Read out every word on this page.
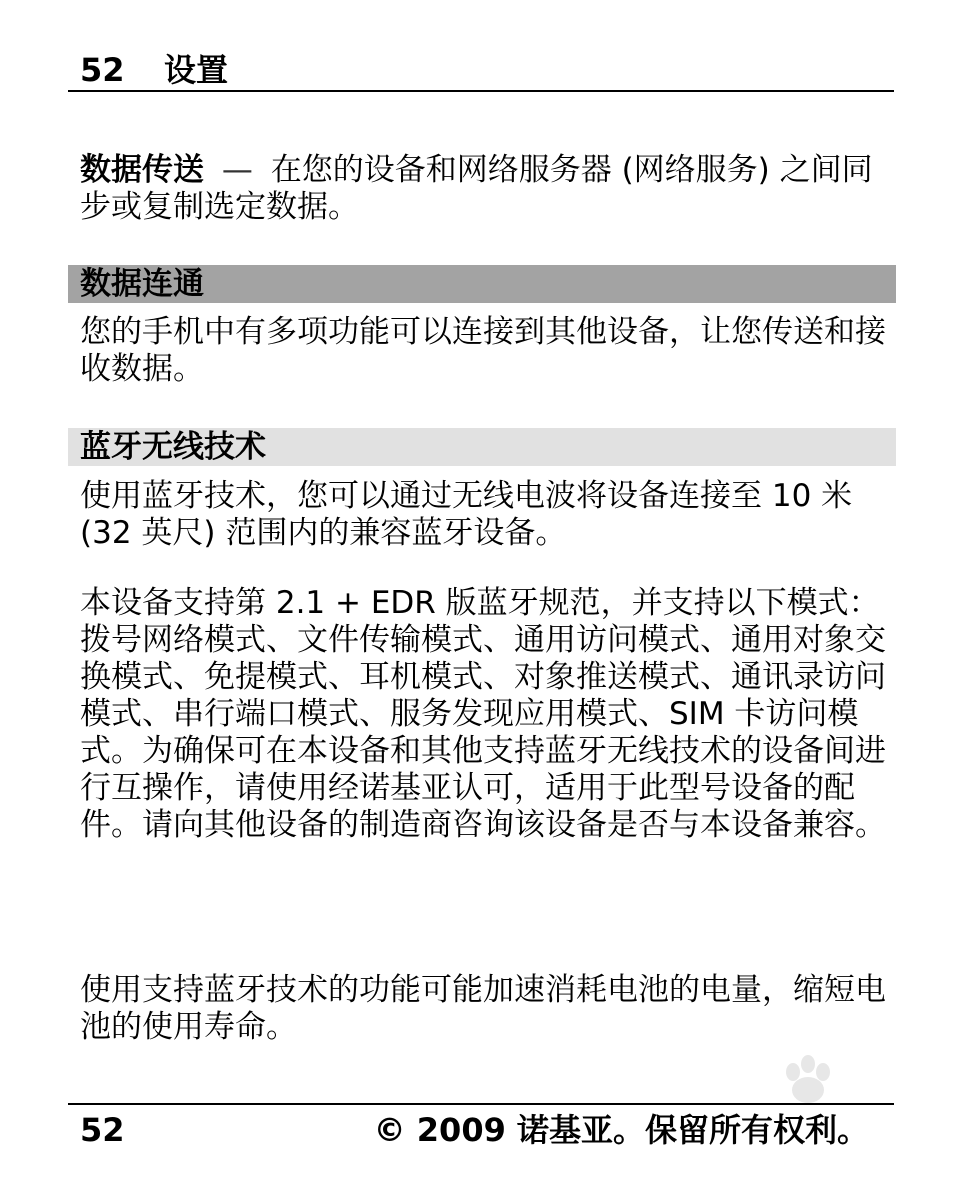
52 设置
数据传送 — 在您的设备和网络服务器 (网络服务) 之间同步或复制选定数据。
数据连通
您的手机中有多项功能可以连接到其他设备，让您传送和接收数据。
蓝牙无线技术
使用蓝牙技术，您可以通过无线电波将设备连接至 10 米 (32 英尺) 范围内的兼容蓝牙设备。
本设备支持第 2.1 + EDR 版蓝牙规范，并支持以下模式：拨号网络模式、文件传输模式、通用访问模式、通用对象交换模式、免提模式、耳机模式、对象推送模式、通讯录访问模式、串行端口模式、服务发现应用模式、SIM 卡访问模式。为确保可在本设备和其他支持蓝牙无线技术的设备间进行互操作，请使用经诺基亚认可，适用于此型号设备的配件。请向其他设备的制造商咨询该设备是否与本设备兼容。
使用支持蓝牙技术的功能可能加速消耗电池的电量，缩短电池的使用寿命。
52	© 2009 诺基亚。保留所有权利。
